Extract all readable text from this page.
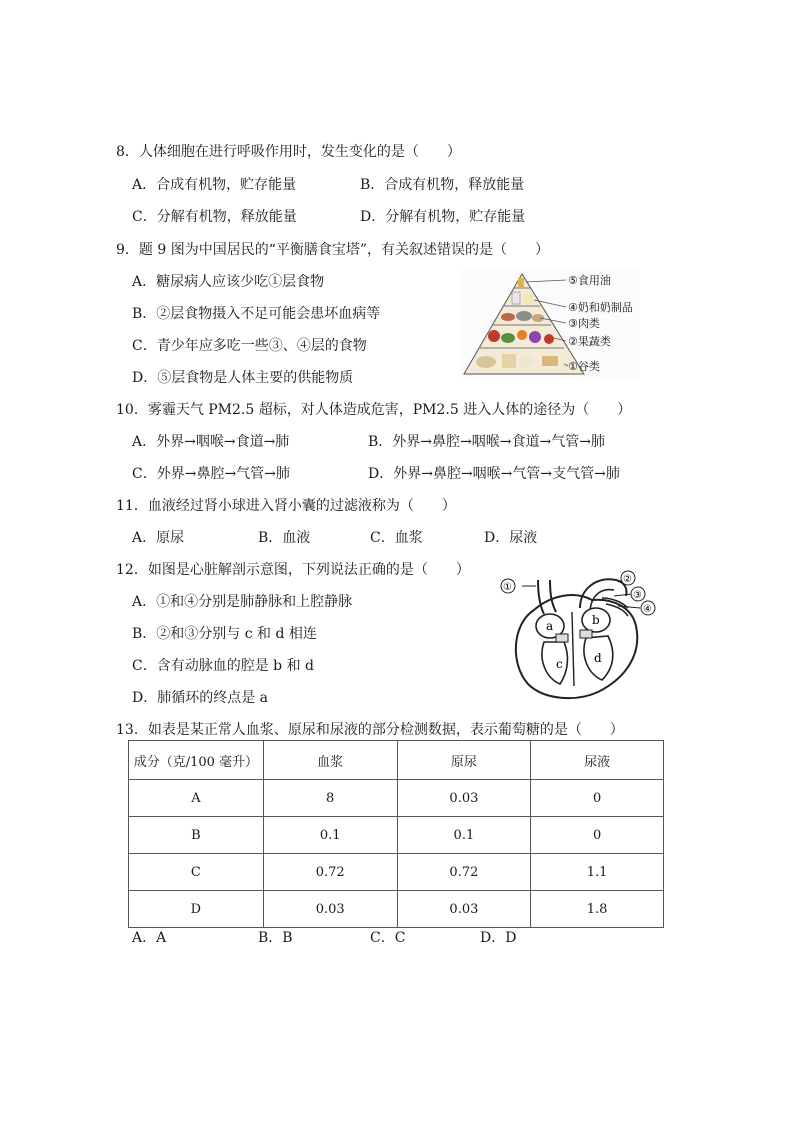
8．人体细胞在进行呼吸作用时，发生变化的是（　　）
A．合成有机物，贮存能量	B．合成有机物，释放能量
C．分解有机物，释放能量	D．分解有机物，贮存能量
9．题 9 图为中国居民的“平衡膳食宝塔”，有关叙述错误的是（　　）
A．糖尿病人应该少吃①层食物
B．②层食物摄入不足可能会患坏血病等
C．青少年应多吃一些③、④层的食物
D．⑤层食物是人体主要的供能物质
⑤食用油
④奶和奶制品
③肉类
②果蔬类
①谷类
10．雾霾天气 PM2.5 超标，对人体造成危害，PM2.5 进入人体的途径为（　　）
A．外界→咽喉→食道→肺	B．外界→鼻腔→咽喉→食道→气管→肺
C．外界→鼻腔→气管→肺	D．外界→鼻腔→咽喉→气管→支气管→肺
11．血液经过肾小球进入肾小囊的过滤液称为（　　）
A．原尿	B．血液	C．血浆	D．尿液
12．如图是心脏解剖示意图，下列说法正确的是（　　）
A．①和④分别是肺静脉和上腔静脉
B．②和③分别与 c 和 d 相连
C．含有动脉血的腔是 b 和 d
D．肺循环的终点是 a
①
②
③
④
a	b
c	d
13．如表是某正常人血浆、原尿和尿液的部分检测数据，表示葡萄糖的是（　　）
成分（克/100 毫升）	血浆	原尿	尿液
A	8	0.03	0
B	0.1	0.1	0
C	0.72	0.72	1.1
D	0.03	0.03	1.8
A．A	B．B	C．C	D．D
